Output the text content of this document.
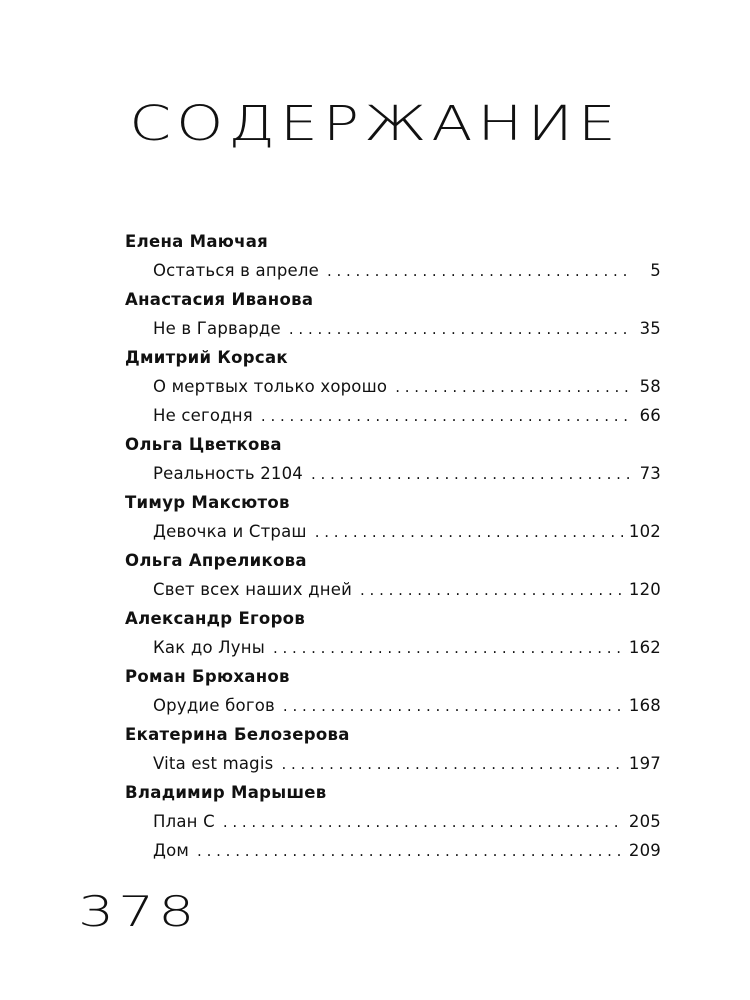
СОДЕРЖАНИЕ
Елена Маючая
Остаться в апреле . . .	5
Анастасия Иванова
Не в Гарварде . . .	35
Дмитрий Корсак
О мертвых только хорошо . . .	58
Не сегодня . . .	66
Ольга Цветкова
Реальность 2104 . . .	73
Тимур Максютов
Девочка и Страш . . .	102
Ольга Апреликова
Свет всех наших дней . . .	120
Александр Егоров
Как до Луны . . .	162
Роман Брюханов
Орудие богов . . .	168
Екатерина Белозерова
Vita est magis . . .	197
Владимир Марышев
План С . . .	205
Дом . . .	209
378
